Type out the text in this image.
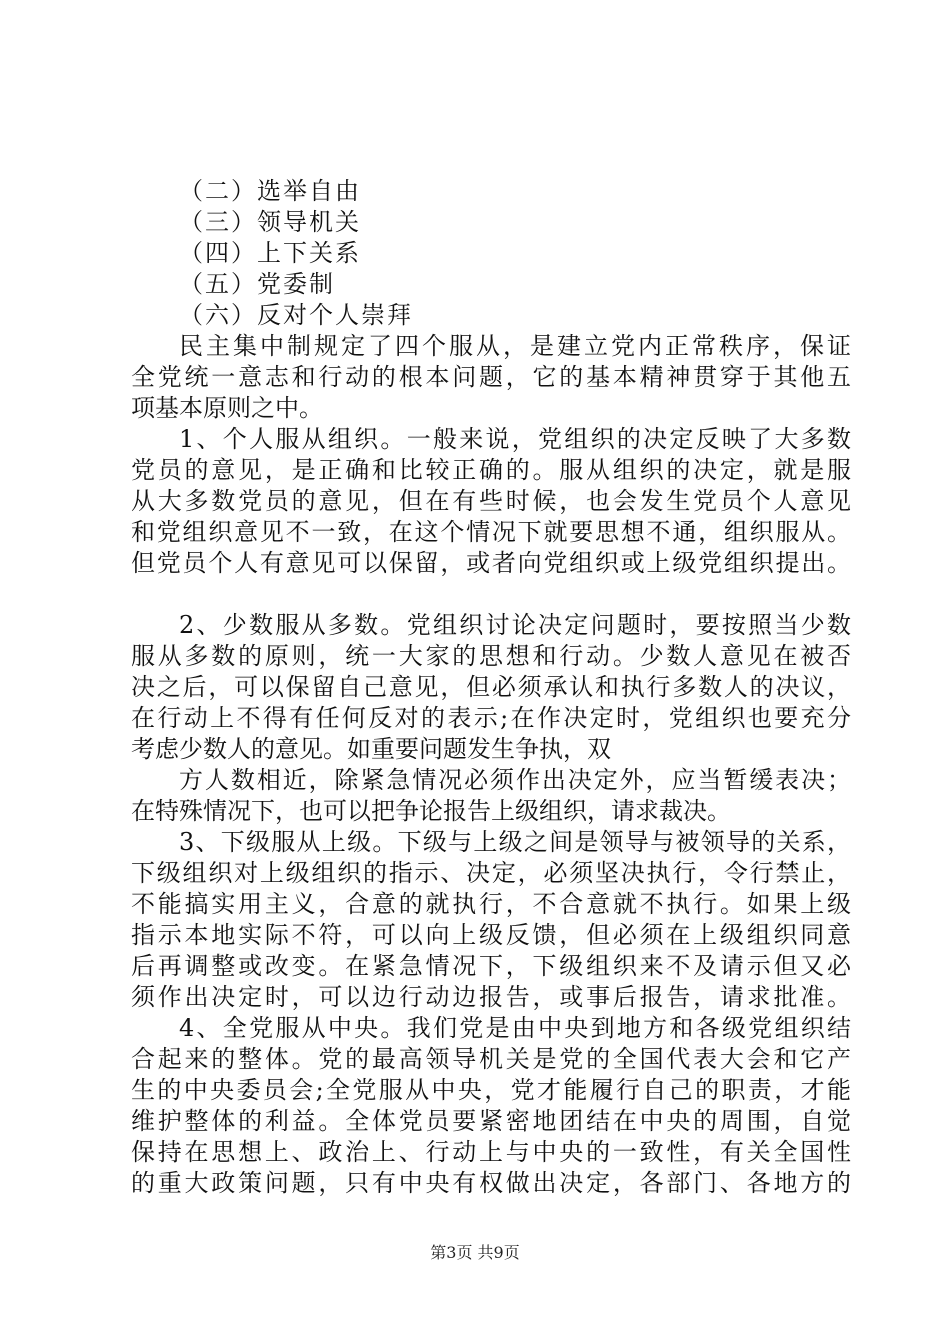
（二）选举自由
（三）领导机关
（四）上下关系
（五）党委制
（六）反对个人崇拜
民主集中制规定了四个服从，是建立党内正常秩序，保证
全党统一意志和行动的根本问题，它的基本精神贯穿于其他五
项基本原则之中。
1、个人服从组织。一般来说，党组织的决定反映了大多数
党员的意见，是正确和比较正确的。服从组织的决定，就是服
从大多数党员的意见，但在有些时候，也会发生党员个人意见
和党组织意见不一致，在这个情况下就要思想不通，组织服从。
但党员个人有意见可以保留，或者向党组织或上级党组织提出。
2、少数服从多数。党组织讨论决定问题时，要按照当少数
服从多数的原则，统一大家的思想和行动。少数人意见在被否
决之后，可以保留自己意见，但必须承认和执行多数人的决议，
在行动上不得有任何反对的表示;在作决定时，党组织也要充分
考虑少数人的意见。如重要问题发生争执，双
方人数相近，除紧急情况必须作出决定外，应当暂缓表决；
在特殊情况下，也可以把争论报告上级组织，请求裁决。
3、下级服从上级。下级与上级之间是领导与被领导的关系，
下级组织对上级组织的指示、决定，必须坚决执行，令行禁止，
不能搞实用主义，合意的就执行，不合意就不执行。如果上级
指示本地实际不符，可以向上级反馈，但必须在上级组织同意
后再调整或改变。在紧急情况下，下级组织来不及请示但又必
须作出决定时，可以边行动边报告，或事后报告，请求批准。
4、全党服从中央。我们党是由中央到地方和各级党组织结
合起来的整体。党的最高领导机关是党的全国代表大会和它产
生的中央委员会;全党服从中央，党才能履行自己的职责，才能
维护整体的利益。全体党员要紧密地团结在中央的周围，自觉
保持在思想上、政治上、行动上与中央的一致性，有关全国性
的重大政策问题，只有中央有权做出决定，各部门、各地方的
第3页 共9页
